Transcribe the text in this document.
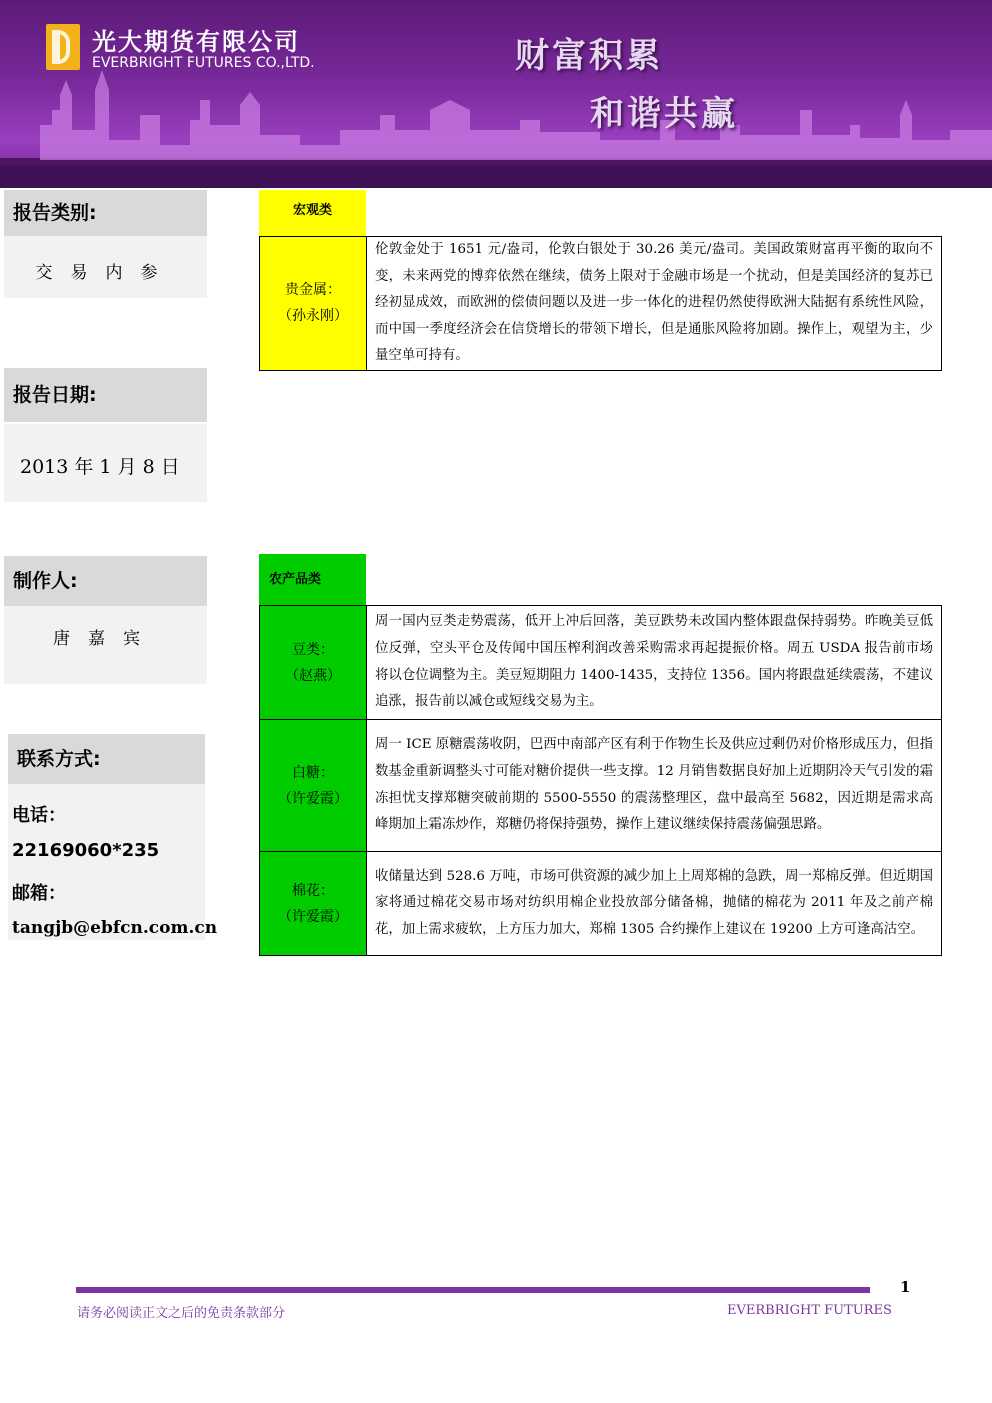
光大期货有限公司
EVERBRIGHT FUTURES CO.,LTD.	财富积累
和谐共赢
报告类别:
交易内参
报告日期:
2013 年 1 月 8 日
制作人:
唐嘉宾
联系方式:
电话：
22169060*235
邮箱：
tangjb@ebfcn.com.cn
宏观类
贵金属：
（孙永刚）
	伦敦金处于 1651 元/盎司，伦敦白银处于 30.26 美元/盎司。美国政策财富再平衡的取向不变，未来两党的博弈依然在继续，债务上限对于金融市场是一个扰动，但是美国经济的复苏已经初显成效，而欧洲的偿债问题以及进一步一体化的进程仍然使得欧洲大陆据有系统性风险，而中国一季度经济会在信贷增长的带领下增长，但是通胀风险将加剧。操作上，观望为主，少量空单可持有。
农产品类
豆类：
（赵燕）	周一国内豆类走势震荡，低开上冲后回落，美豆跌势未改国内整体跟盘保持弱势。昨晚美豆低位反弹，空头平仓及传闻中国压榨利润改善采购需求再起提振价格。周五 USDA 报告前市场将以仓位调整为主。美豆短期阻力 1400-1435，支持位 1356。国内将跟盘延续震荡，不建议追涨，报告前以减仓或短线交易为主。

白糖：
（许爱霞）	周一 ICE 原糖震荡收阴，巴西中南部产区有利于作物生长及供应过剩仍对价格形成压力，但指数基金重新调整头寸可能对糖价提供一些支撑。12 月销售数据良好加上近期阴冷天气引发的霜冻担忧支撑郑糖突破前期的 5500-5550 的震荡整理区，盘中最高至 5682，因近期是需求高峰期加上霜冻炒作，郑糖仍将保持强势，操作上建议继续保持震荡偏强思路。

棉花：
（许爱霞）	收储量达到 528.6 万吨，市场可供资源的减少加上上周郑棉的急跌，周一郑棉反弹。但近期国家将通过棉花交易市场对纺织用棉企业投放部分储备棉，抛储的棉花为 2011 年及之前产棉花，加上需求疲软，上方压力加大，郑棉 1305 合约操作上建议在 19200 上方可逢高沽空。
1
请务必阅读正文之后的免责条款部分	EVERBRIGHT FUTURES
